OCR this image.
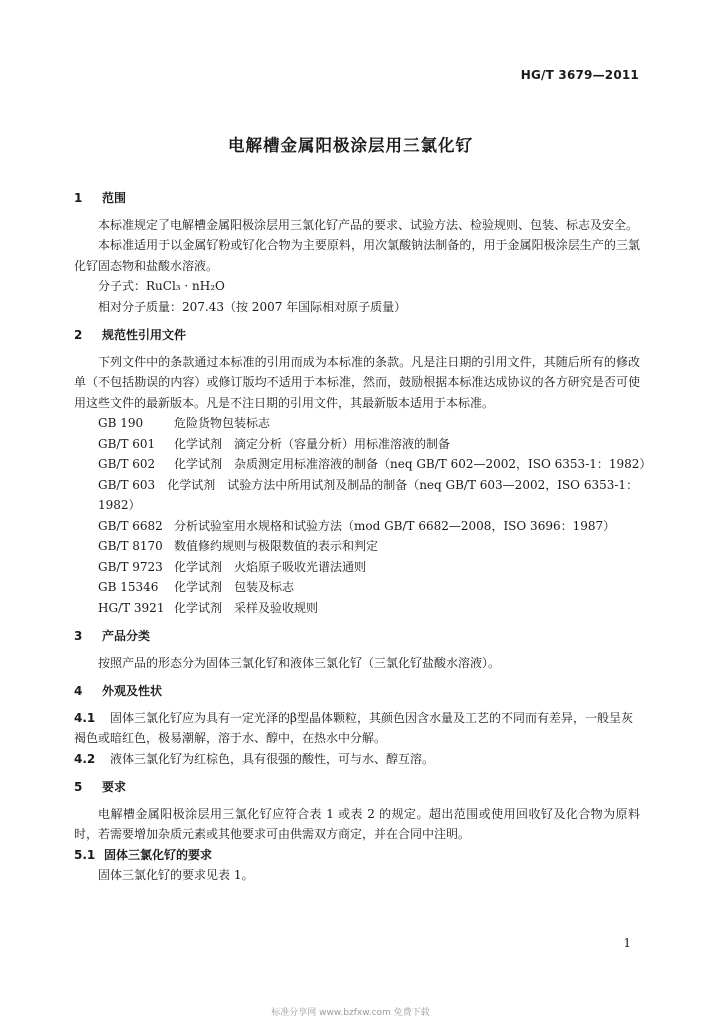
HG/T 3679—2011
电解槽金属阳极涂层用三氯化钌
1 范围
本标准规定了电解槽金属阳极涂层用三氯化钌产品的要求、试验方法、检验规则、包装、标志及安全。
本标准适用于以金属钌粉或钌化合物为主要原料，用次氯酸钠法制备的，用于金属阳极涂层生产的三氯化钌固态物和盐酸水溶液。
分子式：RuCl₃ · nH₂O
相对分子质量：207.43（按 2007 年国际相对原子质量）
2 规范性引用文件
下列文件中的条款通过本标准的引用而成为本标准的条款。凡是注日期的引用文件，其随后所有的修改单（不包括勘误的内容）或修订版均不适用于本标准，然而，鼓励根据本标准达成协议的各方研究是否可使用这些文件的最新版本。凡是不注日期的引用文件，其最新版本适用于本标准。
GB 190	危险货物包装标志
GB/T 601 化学试剂　滴定分析（容量分析）用标准溶液的制备
GB/T 602 化学试剂　杂质测定用标准溶液的制备（neq GB/T 602—2002，ISO 6353-1：1982）
GB/T 603　 化学试剂　试验方法中所用试剂及制品的制备（neq GB/T 603—2002，ISO 6353-1：1982）
GB/T 6682 分析试验室用水规格和试验方法（mod GB/T 6682—2008，ISO 3696：1987）
GB/T 8170 数值修约规则与极限数值的表示和判定
GB/T 9723 化学试剂　火焰原子吸收光谱法通则
GB 15346 化学试剂　包装及标志
HG/T 3921 化学试剂　采样及验收规则
3 产品分类
按照产品的形态分为固体三氯化钌和液体三氯化钌（三氯化钌盐酸水溶液）。
4 外观及性状
4.1　 固体三氯化钌应为具有一定光泽的β型晶体颗粒，其颜色因含水量及工艺的不同而有差异，一般呈灰褐色或暗红色，极易潮解，溶于水、醇中，在热水中分解。
4.2　 液体三氯化钌为红棕色，具有很强的酸性，可与水、醇互溶。
5 要求
电解槽金属阳极涂层用三氯化钌应符合表 1 或表 2 的规定。超出范围或使用回收钌及化合物为原料时，若需要增加杂质元素或其他要求可由供需双方商定，并在合同中注明。
5.1 固体三氯化钌的要求
固体三氯化钌的要求见表 1。
1
标准分享网 www.bzfxw.com 免费下载
